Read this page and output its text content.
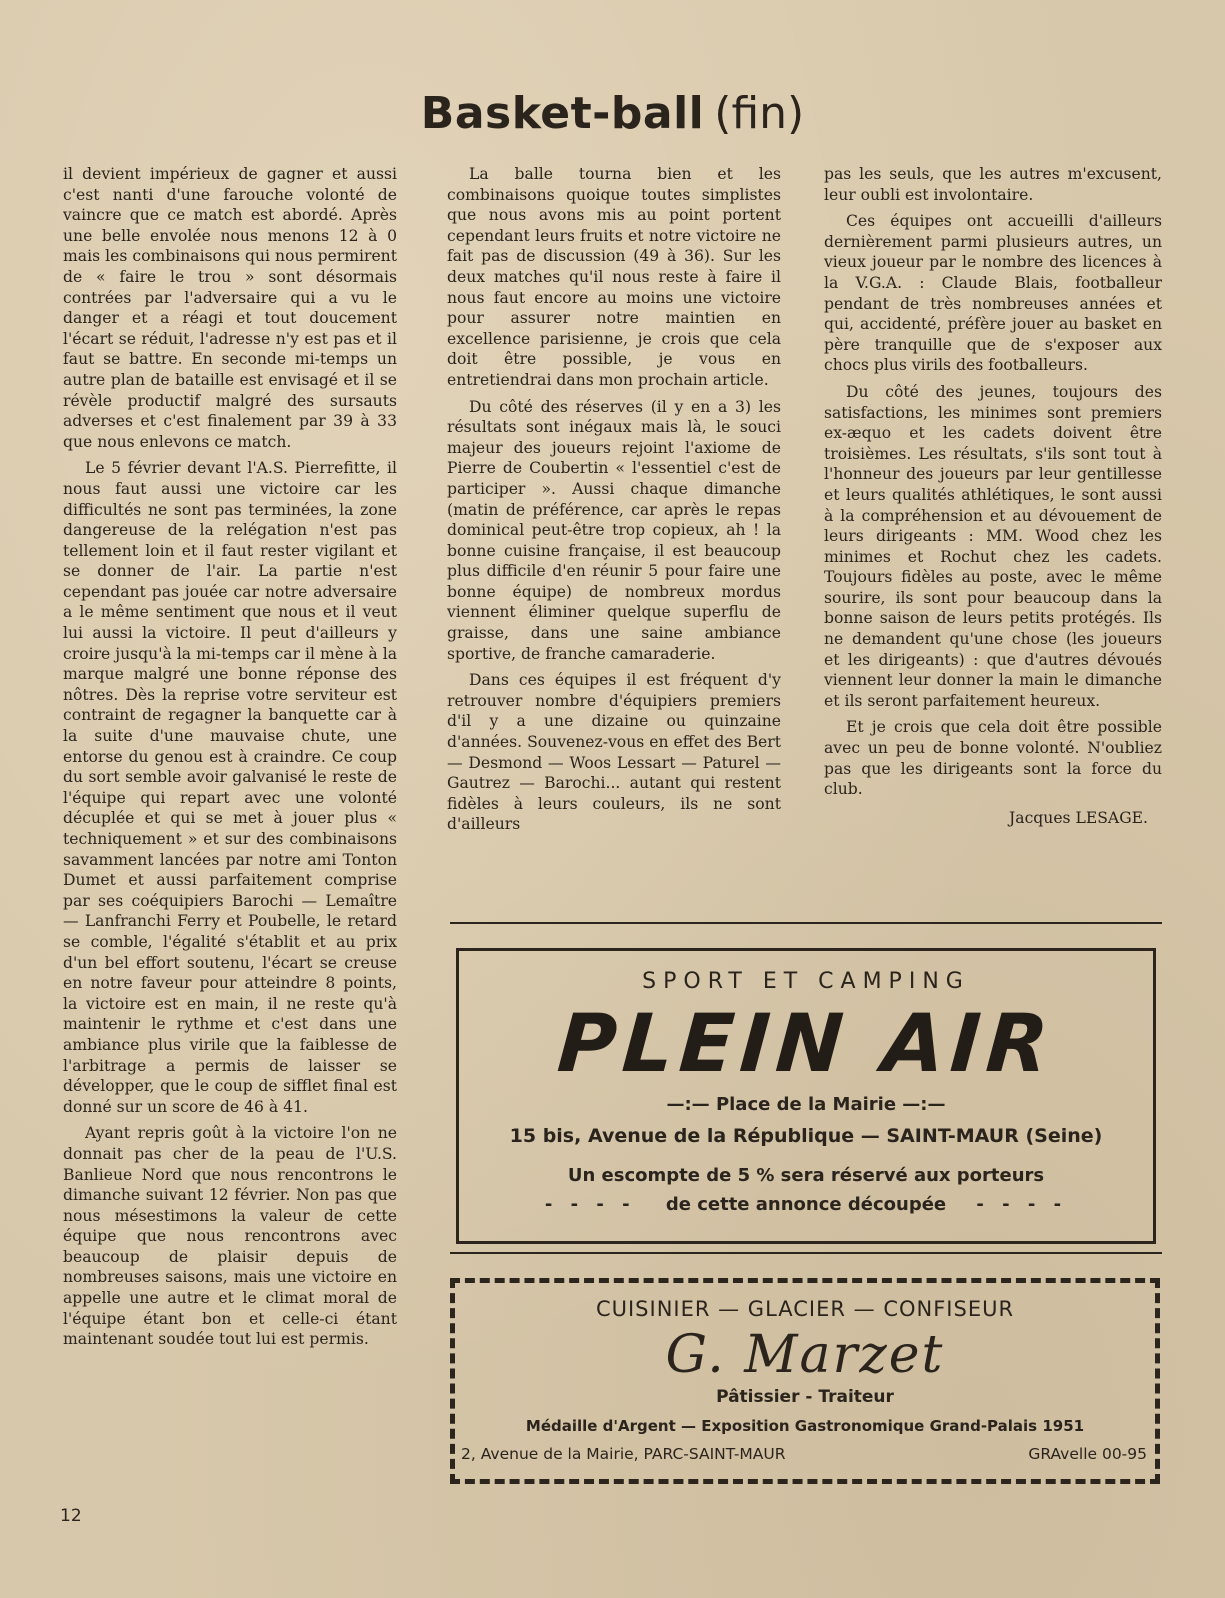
Basket-ball (fin)

il devient impérieux de gagner et aussi c'est nanti d'une farouche volonté de vaincre que ce match est abordé. Après une belle envolée nous menons 12 à 0 mais les combinaisons qui nous permirent de « faire le trou » sont désormais contrées par l'adversaire qui a vu le danger et a réagi et tout doucement l'écart se réduit, l'adresse n'y est pas et il faut se battre. En seconde mi-temps un autre plan de bataille est envisagé et il se révèle productif malgré des sursauts adverses et c'est finalement par 39 à 33 que nous enlevons ce match.

Le 5 février devant l'A.S. Pierrefitte, il nous faut aussi une victoire car les difficultés ne sont pas terminées, la zone dangereuse de la relégation n'est pas tellement loin et il faut rester vigilant et se donner de l'air. La partie n'est cependant pas jouée car notre adversaire a le même sentiment que nous et il veut lui aussi la victoire. Il peut d'ailleurs y croire jusqu'à la mi-temps car il mène à la marque malgré une bonne réponse des nôtres. Dès la reprise votre serviteur est contraint de regagner la banquette car à la suite d'une mauvaise chute, une entorse du genou est à craindre. Ce coup du sort semble avoir galvanisé le reste de l'équipe qui repart avec une volonté décuplée et qui se met à jouer plus « techniquement » et sur des combinaisons savamment lancées par notre ami Tonton Dumet et aussi parfaitement comprise par ses coéquipiers Barochi — Lemaître — Lanfranchi Ferry et Poubelle, le retard se comble, l'égalité s'établit et au prix d'un bel effort soutenu, l'écart se creuse en notre faveur pour atteindre 8 points, la victoire est en main, il ne reste qu'à maintenir le rythme et c'est dans une ambiance plus virile que la faiblesse de l'arbitrage a permis de laisser se développer, que le coup de sifflet final est donné sur un score de 46 à 41.

Ayant repris goût à la victoire l'on ne donnait pas cher de la peau de l'U.S. Banlieue Nord que nous rencontrons le dimanche suivant 12 février. Non pas que nous mésestimons la valeur de cette équipe que nous rencontrons avec beaucoup de plaisir depuis de nombreuses saisons, mais une victoire en appelle une autre et le climat moral de l'équipe étant bon et celle-ci étant maintenant soudée tout lui est permis.

La balle tourna bien et les combinaisons quoique toutes simplistes que nous avons mis au point portent cependant leurs fruits et notre victoire ne fait pas de discussion (49 à 36). Sur les deux matches qu'il nous reste à faire il nous faut encore au moins une victoire pour assurer notre maintien en excellence parisienne, je crois que cela doit être possible, je vous en entretiendrai dans mon prochain article.

Du côté des réserves (il y en a 3) les résultats sont inégaux mais là, le souci majeur des joueurs rejoint l'axiome de Pierre de Coubertin « l'essentiel c'est de participer ». Aussi chaque dimanche (matin de préférence, car après le repas dominical peut-être trop copieux, ah ! la bonne cuisine française, il est beaucoup plus difficile d'en réunir 5 pour faire une bonne équipe) de nombreux mordus viennent éliminer quelque superflu de graisse, dans une saine ambiance sportive, de franche camaraderie.

Dans ces équipes il est fréquent d'y retrouver nombre d'équipiers premiers d'il y a une dizaine ou quinzaine d'années. Souvenez-vous en effet des Bert — Desmond — Woos Lessart — Paturel — Gautrez — Barochi... autant qui restent fidèles à leurs couleurs, ils ne sont d'ailleurs

pas les seuls, que les autres m'excusent, leur oubli est involontaire.

Ces équipes ont accueilli d'ailleurs dernièrement parmi plusieurs autres, un vieux joueur par le nombre des licences à la V.G.A. : Claude Blais, footballeur pendant de très nombreuses années et qui, accidenté, préfère jouer au basket en père tranquille que de s'exposer aux chocs plus virils des footballeurs.

Du côté des jeunes, toujours des satisfactions, les minimes sont premiers ex-æquo et les cadets doivent être troisièmes. Les résultats, s'ils sont tout à l'honneur des joueurs par leur gentillesse et leurs qualités athlétiques, le sont aussi à la compréhension et au dévouement de leurs dirigeants : MM. Wood chez les minimes et Rochut chez les cadets. Toujours fidèles au poste, avec le même sourire, ils sont pour beaucoup dans la bonne saison de leurs petits protégés. Ils ne demandent qu'une chose (les joueurs et les dirigeants) : que d'autres dévoués viennent leur donner la main le dimanche et ils seront parfaitement heureux.

Et je crois que cela doit être possible avec un peu de bonne volonté. N'oubliez pas que les dirigeants sont la force du club.

Jacques LESAGE.

SPORT ET CAMPING
PLEIN AIR
—:— Place de la Mairie —:—
15 bis, Avenue de la République — SAINT-MAUR (Seine)
Un escompte de 5 % sera réservé aux porteurs
- - - - de cette annonce découpée - - - -
CUISINIER — GLACIER — CONFISEUR
G. Marzet
Pâtissier - Traiteur
Médaille d'Argent — Exposition Gastronomique Grand-Palais 1951
2, Avenue de la Mairie, PARC-SAINT-MAUR	GRAvelle 00-95
12
